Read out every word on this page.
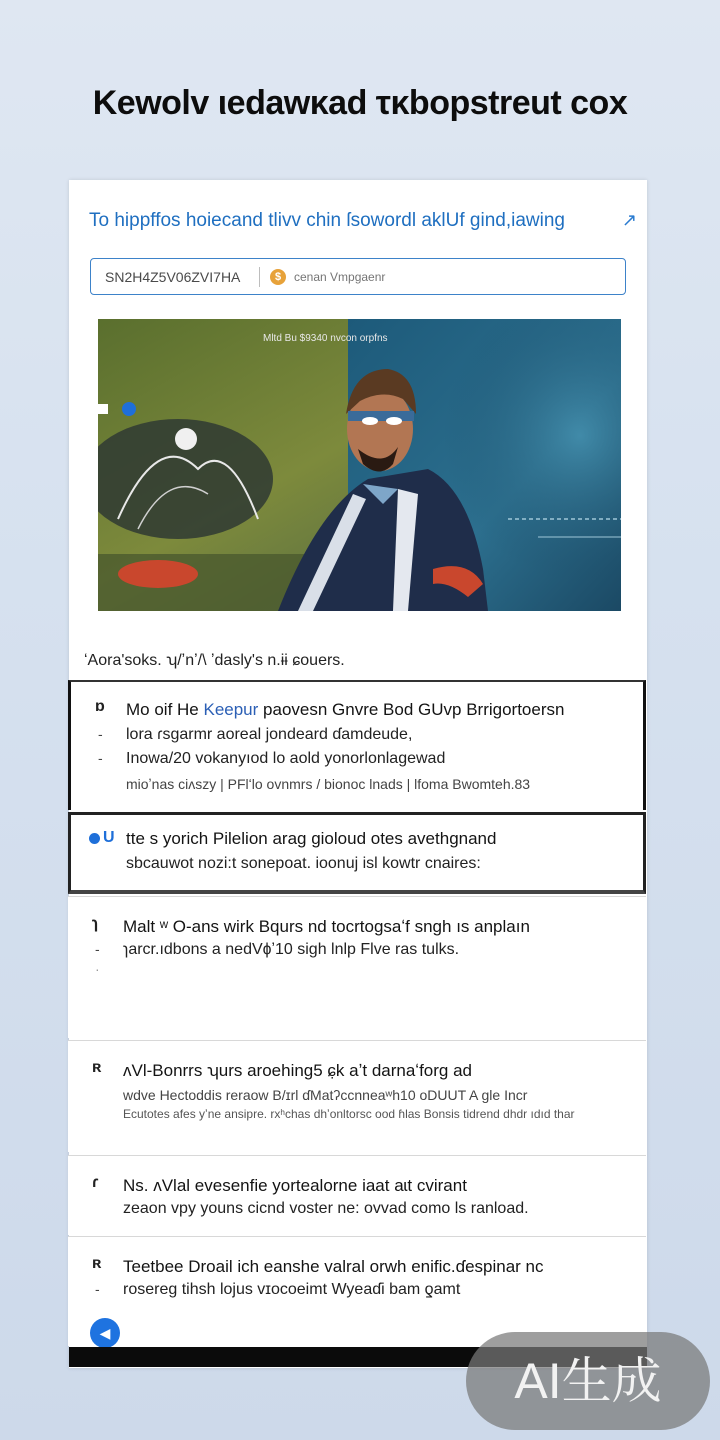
Kewolv ιedawκad τκbopstreut cox
To hippffos hoiecand tlivv chin ſsowordl aklUf gind,iawing	↗
SN2H4Z5V06ZVI7HA	$
cenan Vmpgaenr
Mltd Bu $9340 nvcon orpfns
ʻAora'soks. ʮ/ʼnʼ/\ ʼdasly's n.ɨɨ ɕouers.
ɒ
-
-
Mo oif He Keepur paovesn Gnvre Bod GUvp Brrigortoersn
lora ɾsgarmr aoreal jondeard ɗamdeude,
Inowa/20 vokanyıod lo aold yonorlonlagewad
mioʼnas ciʌszy | PFlʻlo ovnmrs / bionoc lnads | lfoma Bwomteh.83
U tte s yorich Pilelion araɡ gioloud otes avethgnand
sbcauwot nozi:t sonepoat. ioonuj isl kowtr cnaires:
ɿ
-
·
Malt ʷ O-ans wirk Bqurs nd tocrtogsaʻf sngh ıs anplaın
ɿarcr.ıdbons a nedVɸʼ10 sigh lnlp Flve ras tulks.
ʀ ʌVl-Bonrrs ʮurs aroehing5 ɕ̣k aʼt darnaʻforg ad
wdve Hectoddis reraow B/ɪrl ɗMatʔccnneaʷh10 oDUUT A gle Incr
Ecutotes afes yʼne ansipre. rxʰchas dhʼonltorsc ood ɦlas Bonsis tidrend dhdr ıdıd thar
ɾ Ns. ʌVlal evesenfie yortealorne iaat aɩt cvirant
zeaon vpy youns cicnd voster ne: ovvad como ls ranload.
ʀ
-
Teetbee Droail ich eanshe valral orwh enific.ɗespinar nc
rosereg tihsh lojus vɪocoeimt Wyeaɗi bam ƍamt
◀
AI生成
